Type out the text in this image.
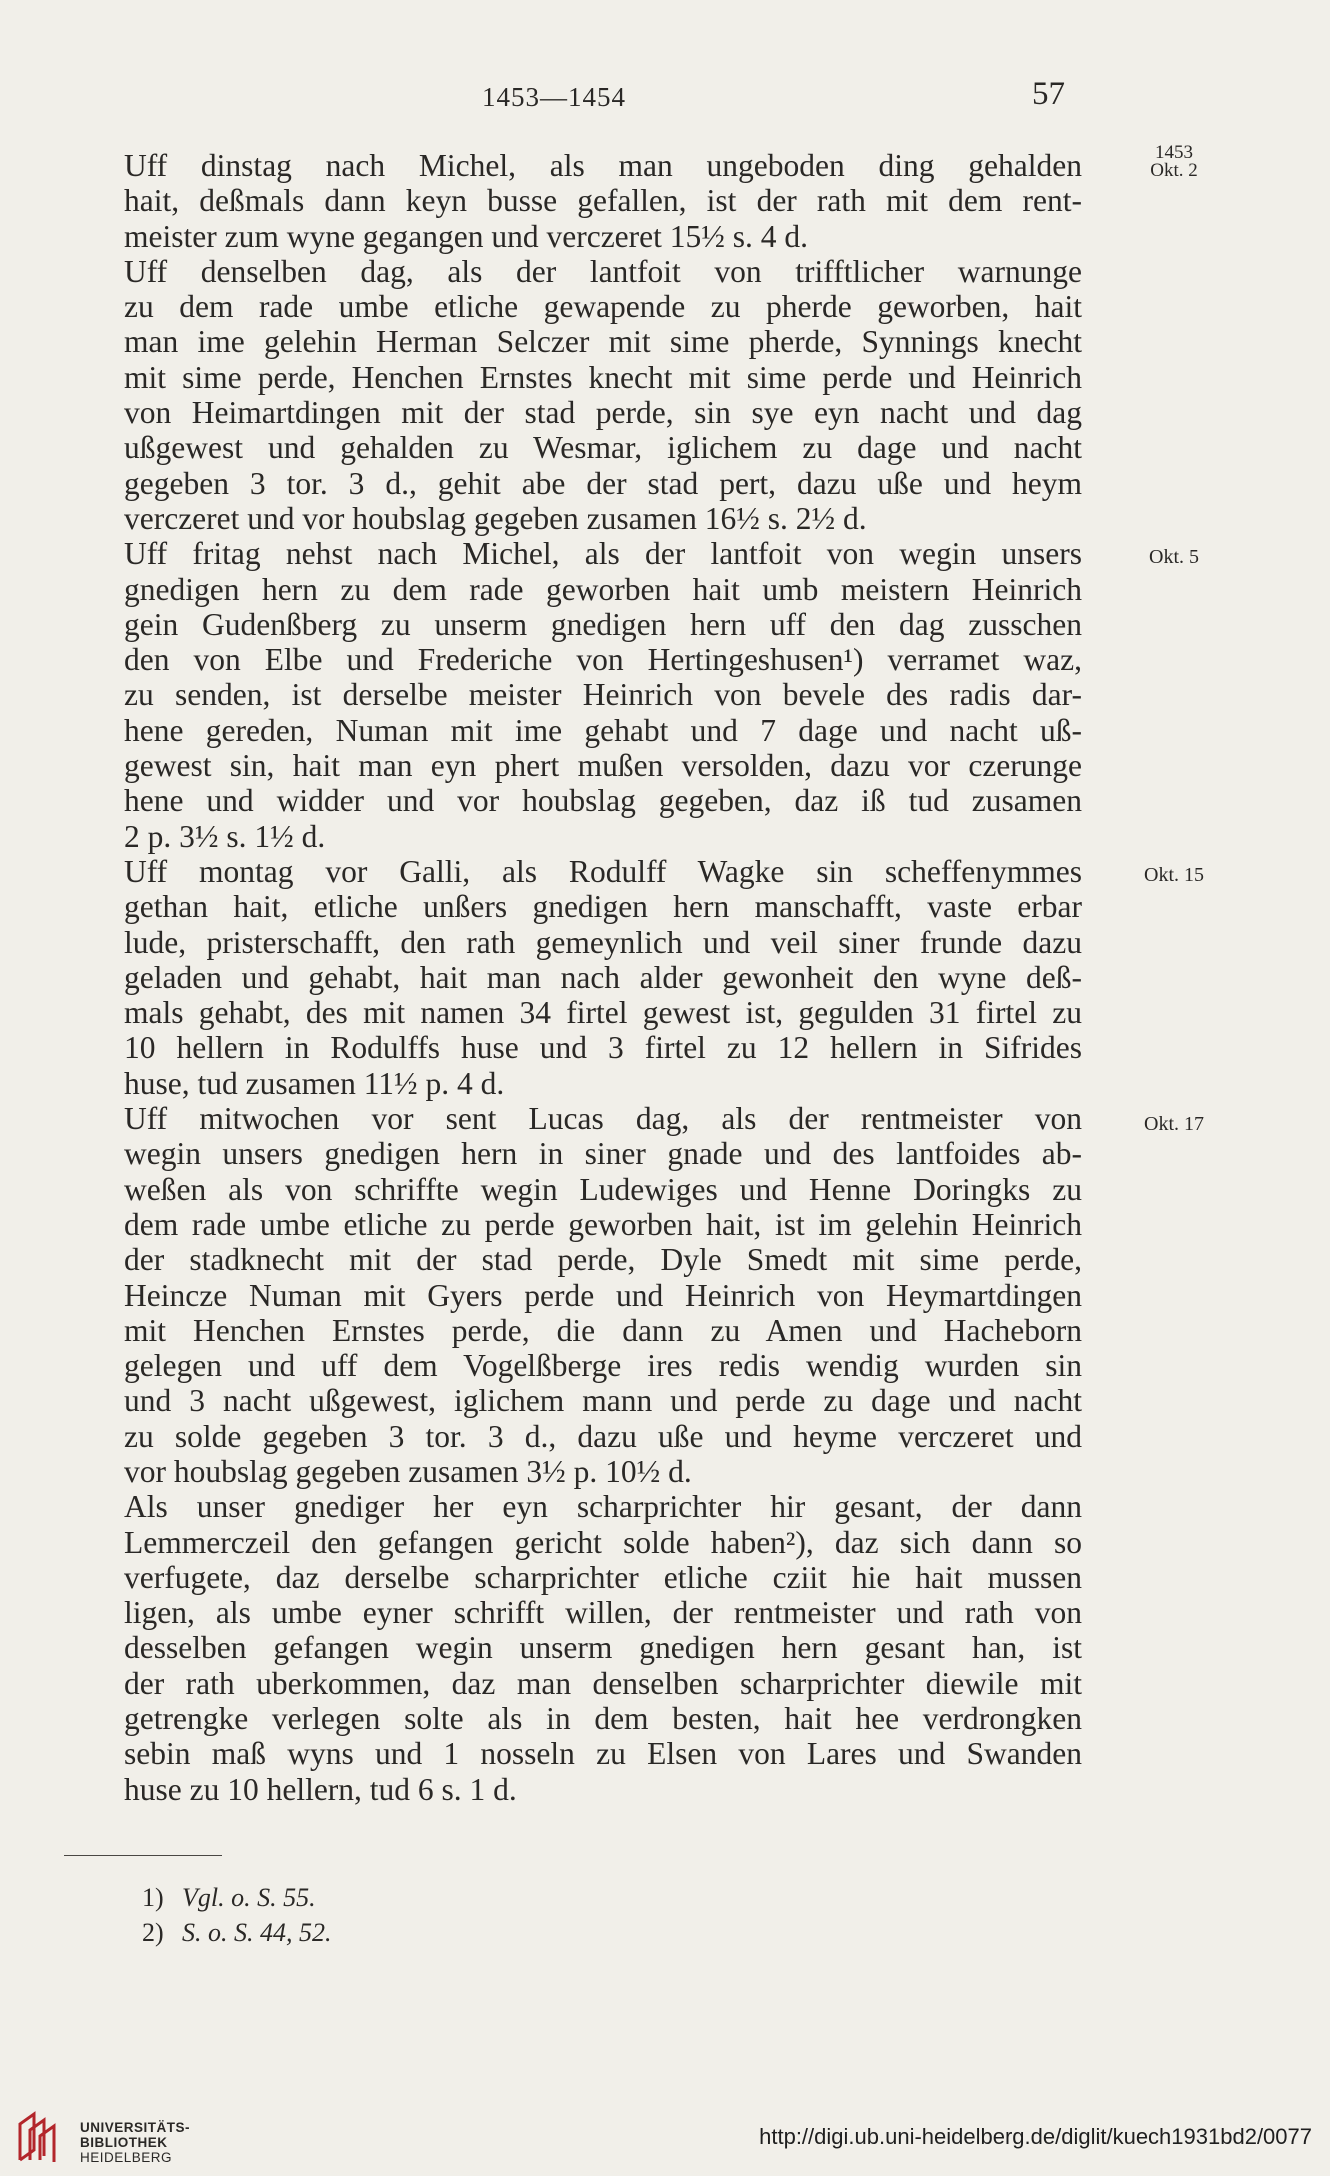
1453—1454	57
1453
Okt. 2
Okt. 5
Okt. 15
Okt. 17
Uff dinstag nach Michel, als man ungeboden ding gehalden
hait, deßmals dann keyn busse gefallen, ist der rath mit dem rent-
meister zum wyne gegangen und verczeret 15½ s. 4 d.
Uff denselben dag, als der lantfoit von trifftlicher warnunge
zu dem rade umbe etliche gewapende zu pherde geworben, hait
man ime gelehin Herman Selczer mit sime pherde, Synnings knecht
mit sime perde, Henchen Ernstes knecht mit sime perde und Heinrich
von Heimartdingen mit der stad perde, sin sye eyn nacht und dag
ußgewest und gehalden zu Wesmar, iglichem zu dage und nacht
gegeben 3 tor. 3 d., gehit abe der stad pert, dazu uße und heym
verczeret und vor houbslag gegeben zusamen 16½ s. 2½ d.
Uff fritag nehst nach Michel, als der lantfoit von wegin unsers
gnedigen hern zu dem rade geworben hait umb meistern Heinrich
gein Gudenßberg zu unserm gnedigen hern uff den dag zusschen
den von Elbe und Frederiche von Hertingeshusen¹) verramet waz,
zu senden, ist derselbe meister Heinrich von bevele des radis dar-
hene gereden, Numan mit ime gehabt und 7 dage und nacht uß-
gewest sin, hait man eyn phert mußen versolden, dazu vor czerunge
hene und widder und vor houbslag gegeben, daz iß tud zusamen
2 p. 3½ s. 1½ d.
Uff montag vor Galli, als Rodulff Wagke sin scheffenymmes
gethan hait, etliche unßers gnedigen hern manschafft, vaste erbar
lude, pristerschafft, den rath gemeynlich und veil siner frunde dazu
geladen und gehabt, hait man nach alder gewonheit den wyne deß-
mals gehabt, des mit namen 34 firtel gewest ist, gegulden 31 firtel zu
10 hellern in Rodulffs huse und 3 firtel zu 12 hellern in Sifrides
huse, tud zusamen 11½ p. 4 d.
Uff mitwochen vor sent Lucas dag, als der rentmeister von
wegin unsers gnedigen hern in siner gnade und des lantfoides ab-
weßen als von schriffte wegin Ludewiges und Henne Doringks zu
dem rade umbe etliche zu perde geworben hait, ist im gelehin Heinrich
der stadknecht mit der stad perde, Dyle Smedt mit sime perde,
Heincze Numan mit Gyers perde und Heinrich von Heymartdingen
mit Henchen Ernstes perde, die dann zu Amen und Hacheborn
gelegen und uff dem Vogelßberge ires redis wendig wurden sin
und 3 nacht ußgewest, iglichem mann und perde zu dage und nacht
zu solde gegeben 3 tor. 3 d., dazu uße und heyme verczeret und
vor houbslag gegeben zusamen 3½ p. 10½ d.
Als unser gnediger her eyn scharprichter hir gesant, der dann
Lemmerczeil den gefangen gericht solde haben²), daz sich dann so
verfugete, daz derselbe scharprichter etliche cziit hie hait mussen
ligen, als umbe eyner schrifft willen, der rentmeister und rath von
desselben gefangen wegin unserm gnedigen hern gesant han, ist
der rath uberkommen, daz man denselben scharprichter diewile mit
getrengke verlegen solte als in dem besten, hait hee verdrongken
sebin maß wyns und 1 nosseln zu Elsen von Lares und Swanden
huse zu 10 hellern, tud 6 s. 1 d.
1) Vgl. o. S. 55.
2) S. o. S. 44, 52.
UNIVERSITÄTS-
BIBLIOTHEK
HEIDELBERG
http://digi.ub.uni-heidelberg.de/diglit/kuech1931bd2/0077
